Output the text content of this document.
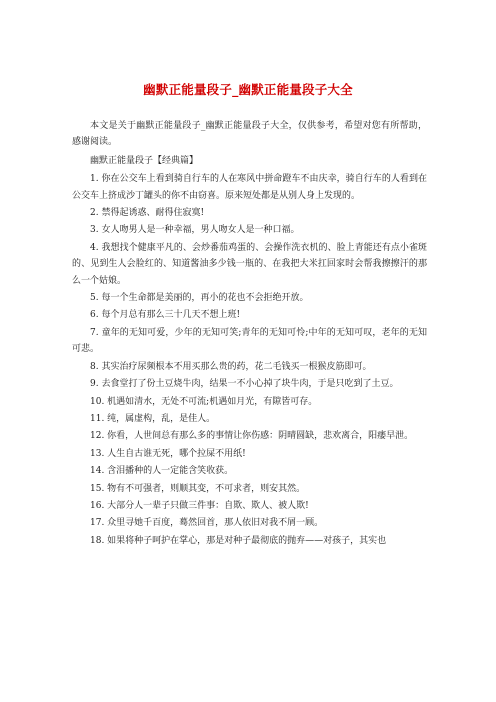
幽默正能量段子_幽默正能量段子大全

本文是关于幽默正能量段子_幽默正能量段子大全，仅供参考，希望对您有所帮助，感谢阅读。

幽默正能量段子【经典篇】

1. 你在公交车上看到骑自行车的人在寒风中拼命蹬车不由庆幸，骑自行车的人看到在公交车上挤成沙丁罐头的你不由窃喜。原来短处都是从别人身上发现的。

2. 禁得起诱惑、耐得住寂寞!

3. 女人吻男人是一种幸福，男人吻女人是一种口福。

4. 我想找个健康平凡的、会炒番茄鸡蛋的、会操作洗衣机的、脸上青能还有点小雀斑的、见到生人会脸红的、知道酱油多少钱一瓶的、在我把大米扛回家时会帮我擦擦汗的那么一个姑娘。

5. 每一个生命都是美丽的，再小的花也不会拒绝开放。

6. 每个月总有那么三十几天不想上班!

7. 童年的无知可爱，少年的无知可笑;青年的无知可怜;中年的无知可叹，老年的无知可悲。

8. 其实治疗尿频根本不用买那么贵的药，花二毛钱买一根猴皮筋即可。

9. 去食堂打了份土豆烧牛肉，结果一不小心掉了块牛肉，于是只吃到了土豆。

10. 机遇如清水，无处不可流;机遇如月光，有隙皆可存。

11. 纯，属虚构，乱，是佳人。

12. 你看，人世间总有那么多的事情让你伤感：阴晴圆缺，悲欢离合，阳痿早泄。

13. 人生自古谁无死，哪个拉屎不用纸!

14. 含泪播种的人一定能含笑收获。

15. 物有不可强者，则顺其变，不可求者，则安其然。

16. 大部分人一辈子只做三件事：自欺、欺人、被人欺!

17. 众里寻她千百度，蓦然回首，那人依旧对我不屑一顾。

18. 如果将种子呵护在掌心，那是对种子最彻底的抛弃——对孩子，其实也
